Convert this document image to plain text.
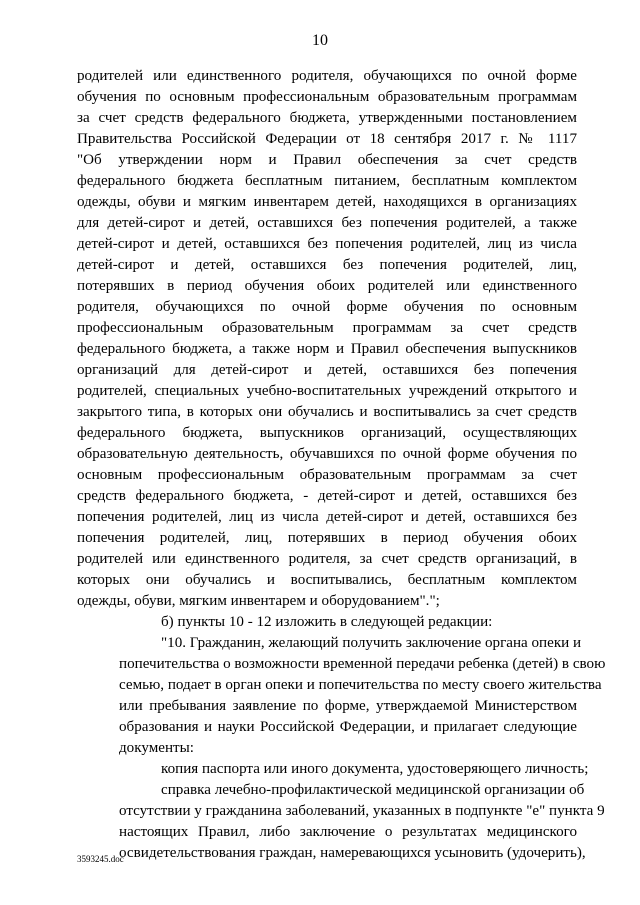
10
родителей или единственного родителя, обучающихся по очной форме
обучения по основным профессиональным образовательным программам
за счет средств федерального бюджета, утвержденными постановлением
Правительства Российской Федерации от 18 сентября 2017 г. № 1117
"Об утверждении норм и Правил обеспечения за счет средств
федерального бюджета бесплатным питанием, бесплатным комплектом
одежды, обуви и мягким инвентарем детей, находящихся в организациях
для детей-сирот и детей, оставшихся без попечения родителей, а также
детей-сирот и детей, оставшихся без попечения родителей, лиц из числа
детей-сирот и детей, оставшихся без попечения родителей, лиц,
потерявших в период обучения обоих родителей или единственного
родителя, обучающихся по очной форме обучения по основным
профессиональным образовательным программам за счет средств
федерального бюджета, а также норм и Правил обеспечения выпускников
организаций для детей-сирот и детей, оставшихся без попечения
родителей, специальных учебно-воспитательных учреждений открытого и
закрытого типа, в которых они обучались и воспитывались за счет средств
федерального бюджета, выпускников организаций, осуществляющих
образовательную деятельность, обучавшихся по очной форме обучения по
основным профессиональным образовательным программам за счет
средств федерального бюджета, - детей-сирот и детей, оставшихся без
попечения родителей, лиц из числа детей-сирот и детей, оставшихся без
попечения родителей, лиц, потерявших в период обучения обоих
родителей или единственного родителя, за счет средств организаций, в
которых они обучались и воспитывались, бесплатным комплектом
одежды, обуви, мягким инвентарем и оборудованием".";
б) пункты 10 - 12 изложить в следующей редакции:
"10. Гражданин, желающий получить заключение органа опеки и
попечительства о возможности временной передачи ребенка (детей) в свою
семью, подает в орган опеки и попечительства по месту своего жительства
или пребывания заявление по форме, утверждаемой Министерством
образования и науки Российской Федерации, и прилагает следующие
документы:
копия паспорта или иного документа, удостоверяющего личность;
справка лечебно-профилактической медицинской организации об
отсутствии у гражданина заболеваний, указанных в подпункте "е" пункта 9
настоящих Правил, либо заключение о результатах медицинского
освидетельствования граждан, намеревающихся усыновить (удочерить),
3593245.doc
